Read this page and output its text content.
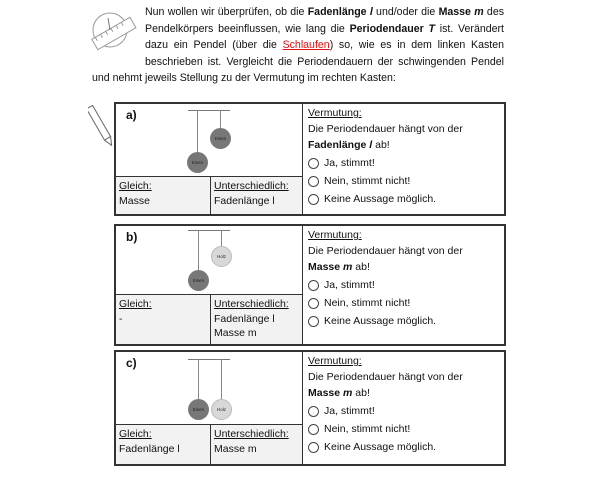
Nun wollen wir überprüfen, ob die Fadenlänge l und/oder die Masse m des Pendelkörpers beeinflussen, wie lang die Periodendauer T ist. Verändert dazu ein Pendel (über die Schlaufen) so, wie es in dem linken Kasten beschrieben ist. Vergleicht die Periodendauern der schwingenden Pendel und nehmt jeweils Stellung zu der Vermutung im rechten Kasten:
a)
Eisen
Eisen
Gleich:
Masse
Unterschiedlich:
Fadenlänge l
Vermutung:
Die Periodendauer hängt von der
Fadenlänge l ab!
Ja, stimmt!
Nein, stimmt nicht!
Keine Aussage möglich.
b)
Eisen
Holz
Gleich:
-
Unterschiedlich:
Fadenlänge l
Masse m
Vermutung:
Die Periodendauer hängt von der
Masse m ab!
Ja, stimmt!
Nein, stimmt nicht!
Keine Aussage möglich.
c)
Eisen	Holz
Gleich:
Fadenlänge l
Unterschiedlich:
Masse m
Vermutung:
Die Periodendauer hängt von der
Masse m ab!
Ja, stimmt!
Nein, stimmt nicht!
Keine Aussage möglich.
